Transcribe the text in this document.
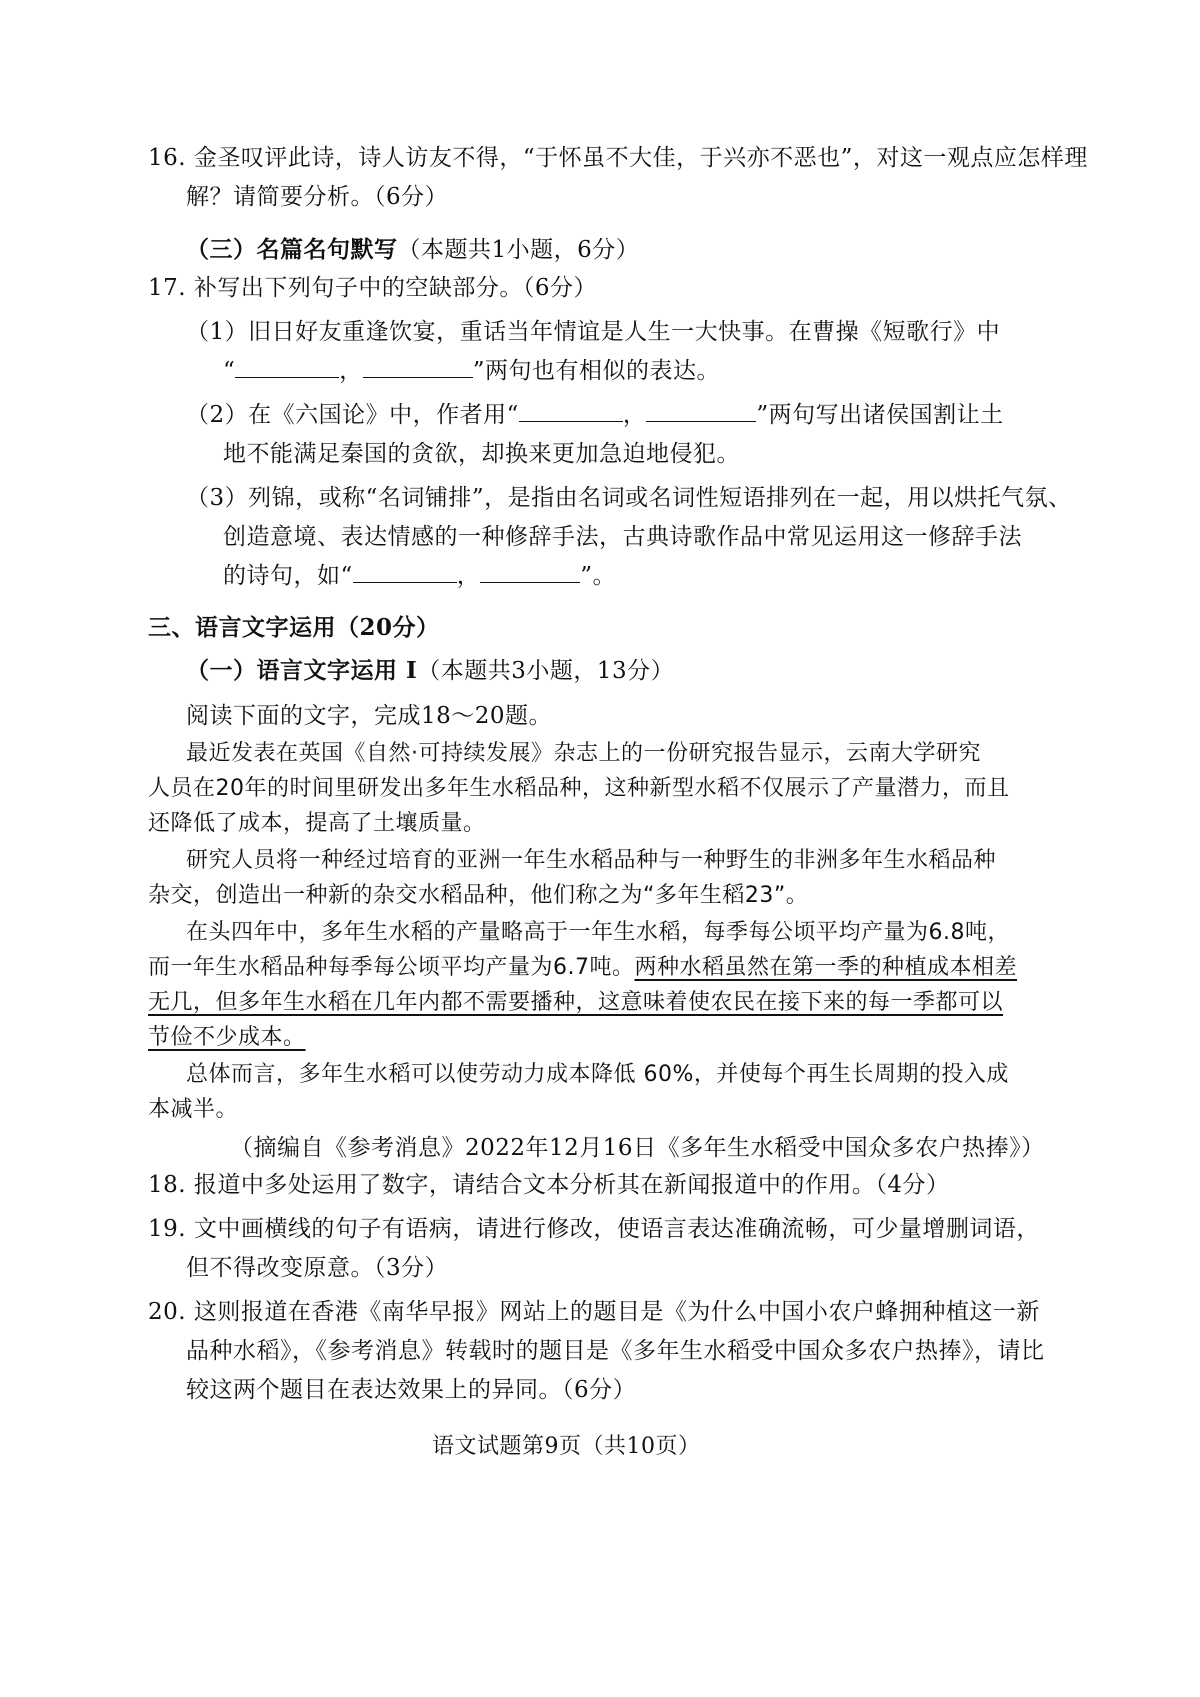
16. 金圣叹评此诗，诗人访友不得，“于怀虽不大佳，于兴亦不恶也”，对这一观点应怎样理
解？请简要分析。（6分）
（三）名篇名句默写（本题共1小题，6分）
17. 补写出下列句子中的空缺部分。（6分）
（1）旧日好友重逢饮宴，重话当年情谊是人生一大快事。在曹操《短歌行》中
“	，	”两句也有相似的表达。
（2）在《六国论》中，作者用“	，	”两句写出诸侯国割让土
地不能满足秦国的贪欲，却换来更加急迫地侵犯。
（3）列锦，或称“名词铺排”，是指由名词或名词性短语排列在一起，用以烘托气氛、
创造意境、表达情感的一种修辞手法，古典诗歌作品中常见运用这一修辞手法
的诗句，如“	，	”。
三、语言文字运用（20分）
（一）语言文字运用 I（本题共3小题，13分）
阅读下面的文字，完成18～20题。
最近发表在英国《自然·可持续发展》杂志上的一份研究报告显示，云南大学研究
人员在20年的时间里研发出多年生水稻品种，这种新型水稻不仅展示了产量潜力，而且
还降低了成本，提高了土壤质量。
研究人员将一种经过培育的亚洲一年生水稻品种与一种野生的非洲多年生水稻品种
杂交，创造出一种新的杂交水稻品种，他们称之为“多年生稻23”。
在头四年中，多年生水稻的产量略高于一年生水稻，每季每公顷平均产量为6.8吨，
而一年生水稻品种每季每公顷平均产量为6.7吨。两种水稻虽然在第一季的种植成本相差
无几，但多年生水稻在几年内都不需要播种，这意味着使农民在接下来的每一季都可以
节俭不少成本。
总体而言，多年生水稻可以使劳动力成本降低 60%，并使每个再生长周期的投入成
本减半。
（摘编自《参考消息》2022年12月16日《多年生水稻受中国众多农户热捧》）
18. 报道中多处运用了数字，请结合文本分析其在新闻报道中的作用。（4分）
19. 文中画横线的句子有语病，请进行修改，使语言表达准确流畅，可少量增删词语，
但不得改变原意。（3分）
20. 这则报道在香港《南华早报》网站上的题目是《为什么中国小农户蜂拥种植这一新
品种水稻》，《参考消息》转载时的题目是《多年生水稻受中国众多农户热捧》，请比
较这两个题目在表达效果上的异同。（6分）
语文试题第9页（共10页）
